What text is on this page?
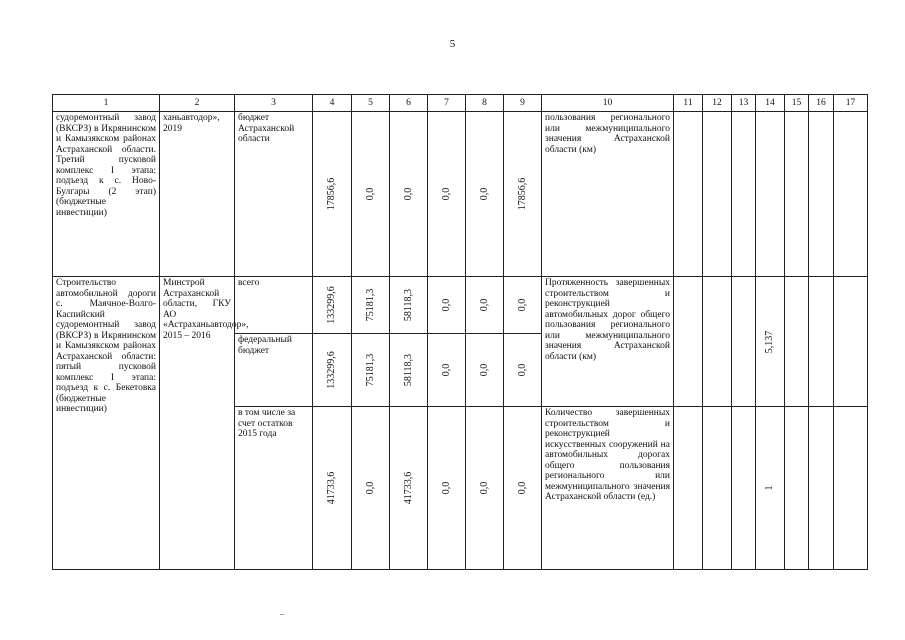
5
1	2	3	4	5	6	7	8	9	10	11	12	13	14	15	16	17
судоремонтный завод (ВКСРЗ) в Икрянинском и Камызякском районах Астраханской области. Третий пусковой комплекс I этапа: подъезд к с. Ново-Булгары (2 этап) (бюджетные инвестиции)	ханьавтодор», 2019	бюджет Астраханской области	17856,6	0,0	0,0	0,0	0,0	17856,6	пользования регионального или межмуниципального значения Астраханской области (км)							
Строительство автомобильной дороги с. Маячное-Волго-Каспийский судоремонтный завод (ВКСРЗ) в Икрянинском и Камызякском районах Астраханской области: пятый пусковой комплекс I этапа: подъезд к с. Бекетовка (бюджетные инвестиции)	Минстрой Астраханской области, ГКУ АО «Астраханьавтодор», 2015 – 2016	всего	133299,6	75181,3	58118,3	0,0	0,0	0,0	Протяженность завершенных строительством и реконструкцией автомобильных дорог общего пользования регионального или межмуниципального значения Астраханской области (км)				5,137			

		федеральный бюджет	133299,6	75181,3	58118,3	0,0	0,0	0,0								

		в том числе за счет остатков 2015 года	41733,6	0,0	41733,6	0,0	0,0	0,0	Количество завершенных строительством и реконструкцией искусственных сооружений на автомобильных дорогах общего пользования регионального или межмуниципального значения Астраханской области (ед.)				1			
